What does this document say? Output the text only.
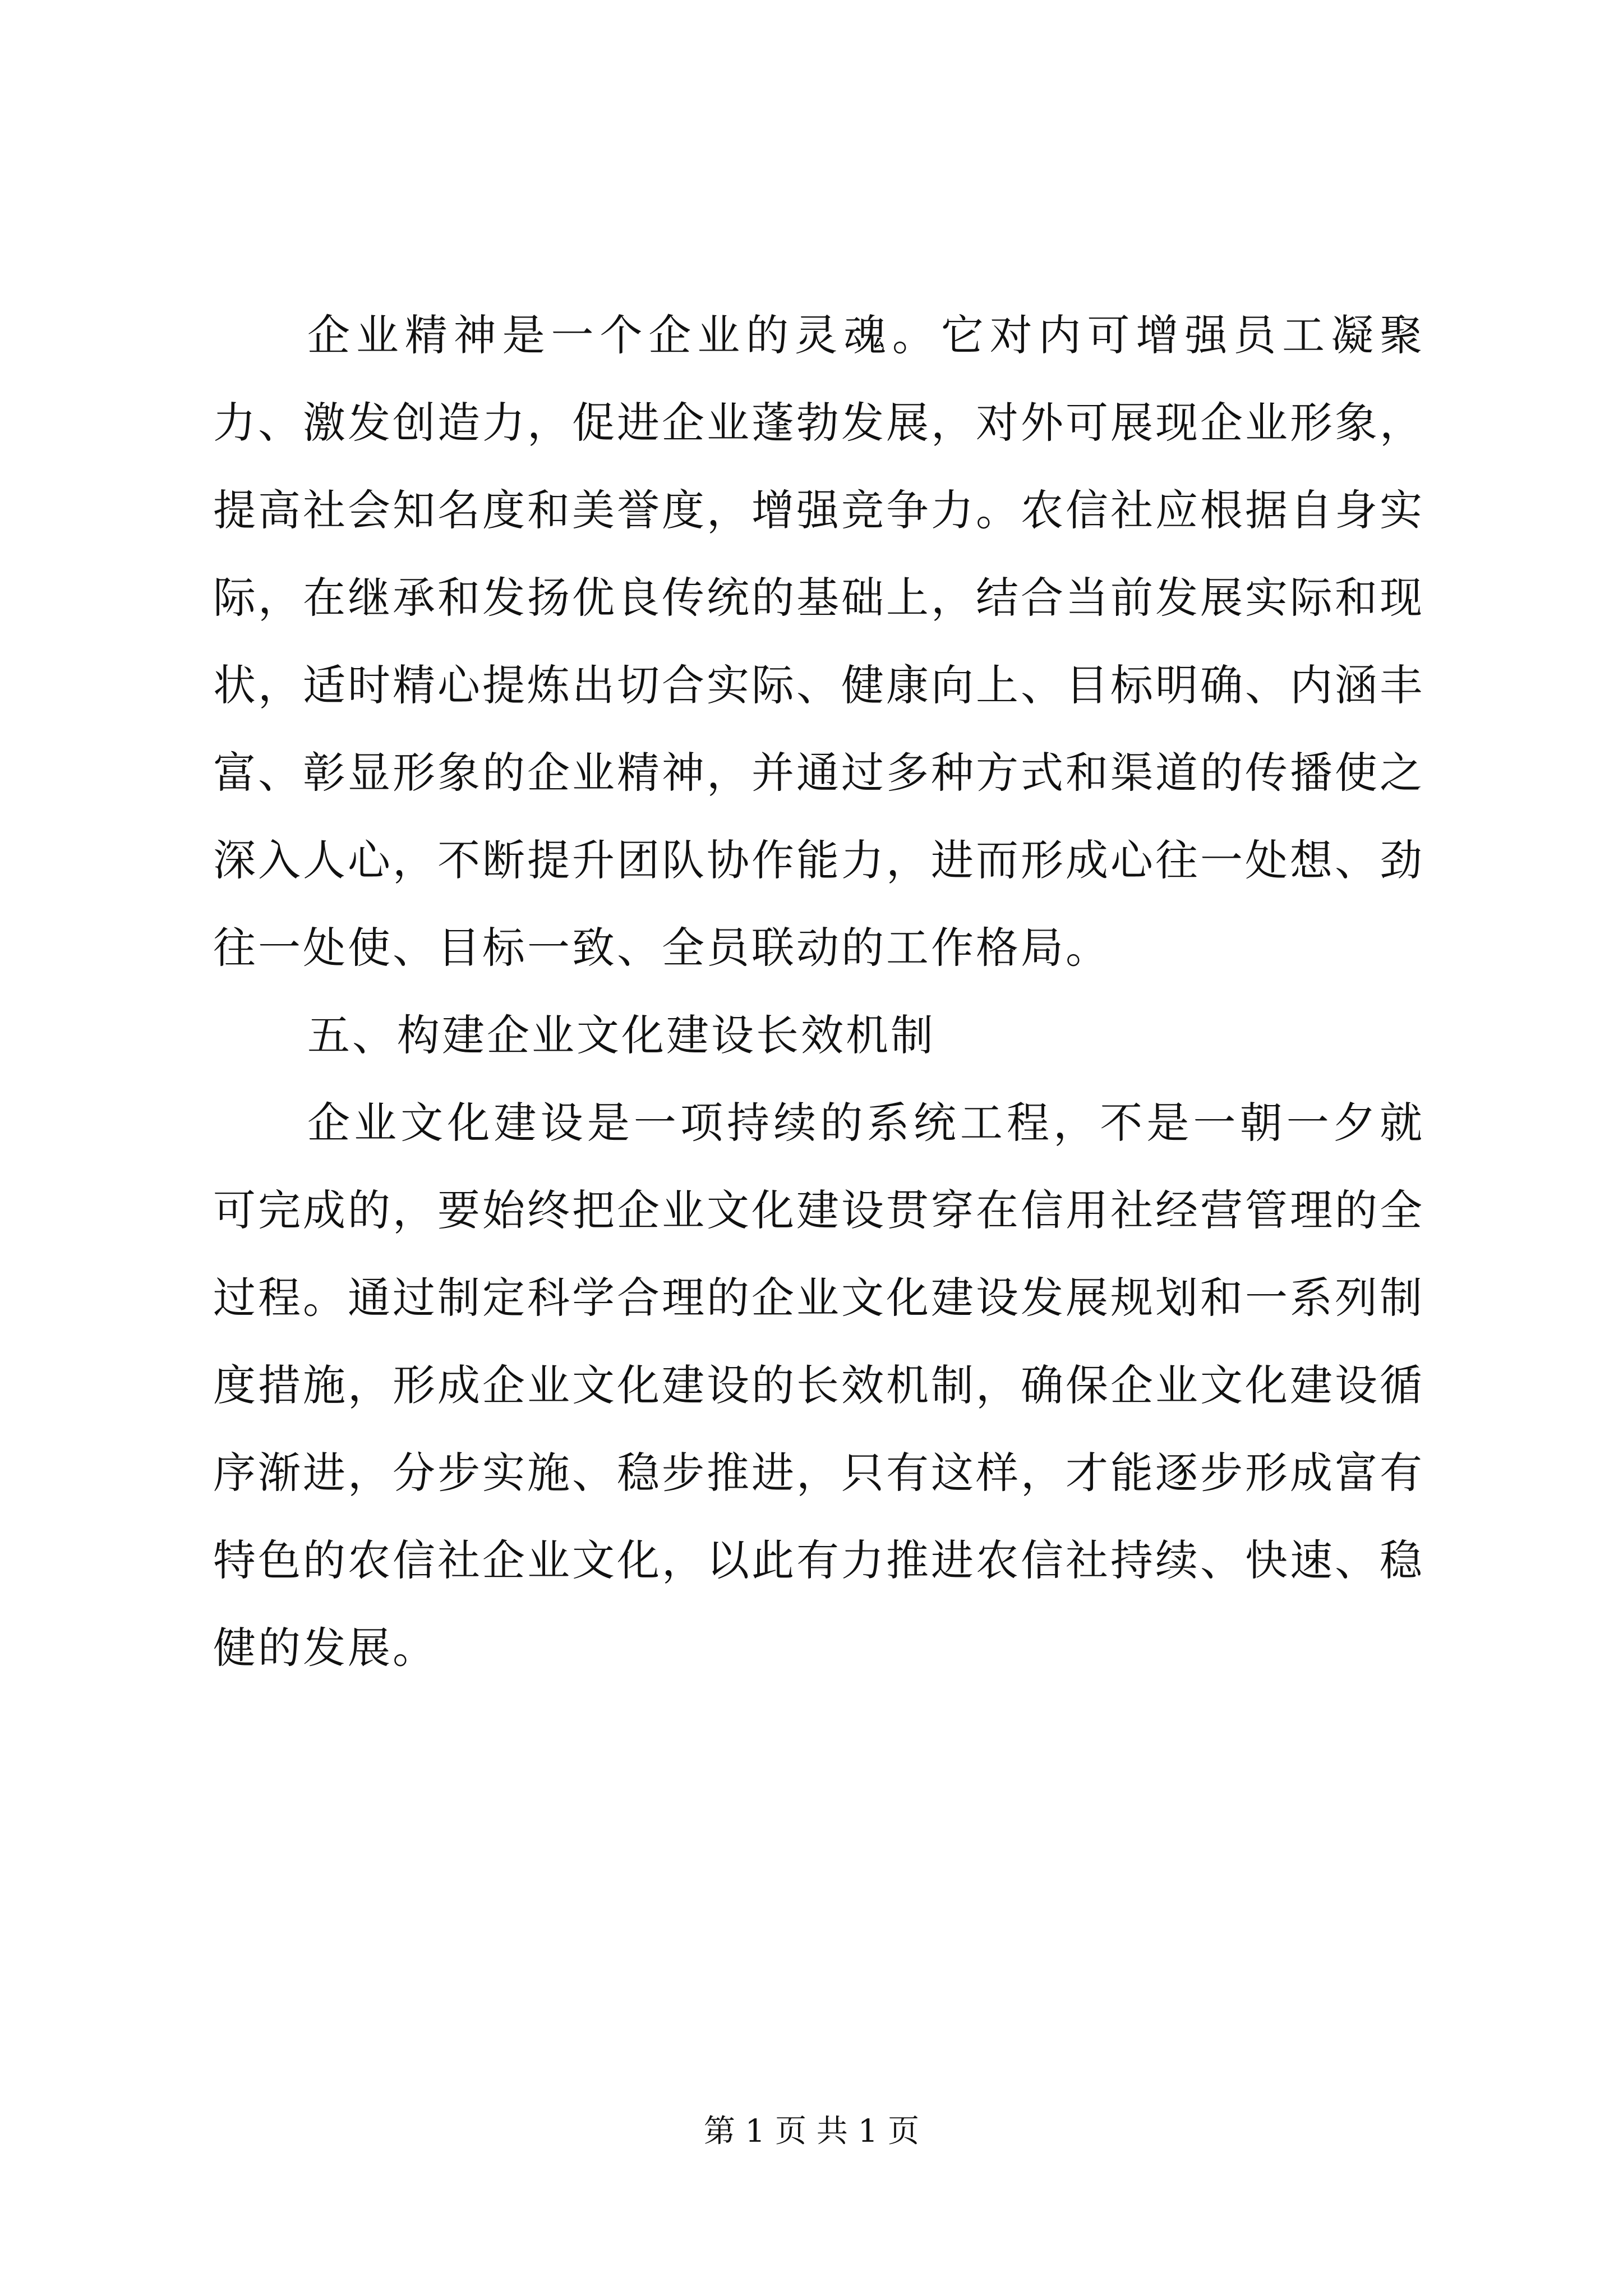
企业精神是一个企业的灵魂。它对内可增强员工凝聚力、激发创造力，促进企业蓬勃发展，对外可展现企业形象，提高社会知名度和美誉度，增强竞争力。农信社应根据自身实际，在继承和发扬优良传统的基础上，结合当前发展实际和现状，适时精心提炼出切合实际、健康向上、目标明确、内涵丰富、彰显形象的企业精神，并通过多种方式和渠道的传播使之深入人心，不断提升团队协作能力，进而形成心往一处想、劲往一处使、目标一致、全员联动的工作格局。

五、构建企业文化建设长效机制

企业文化建设是一项持续的系统工程，不是一朝一夕就可完成的，要始终把企业文化建设贯穿在信用社经营管理的全过程。通过制定科学合理的企业文化建设发展规划和一系列制度措施，形成企业文化建设的长效机制，确保企业文化建设循序渐进，分步实施、稳步推进，只有这样，才能逐步形成富有特色的农信社企业文化，以此有力推进农信社持续、快速、稳健的发展。

第 1 页 共 1 页
